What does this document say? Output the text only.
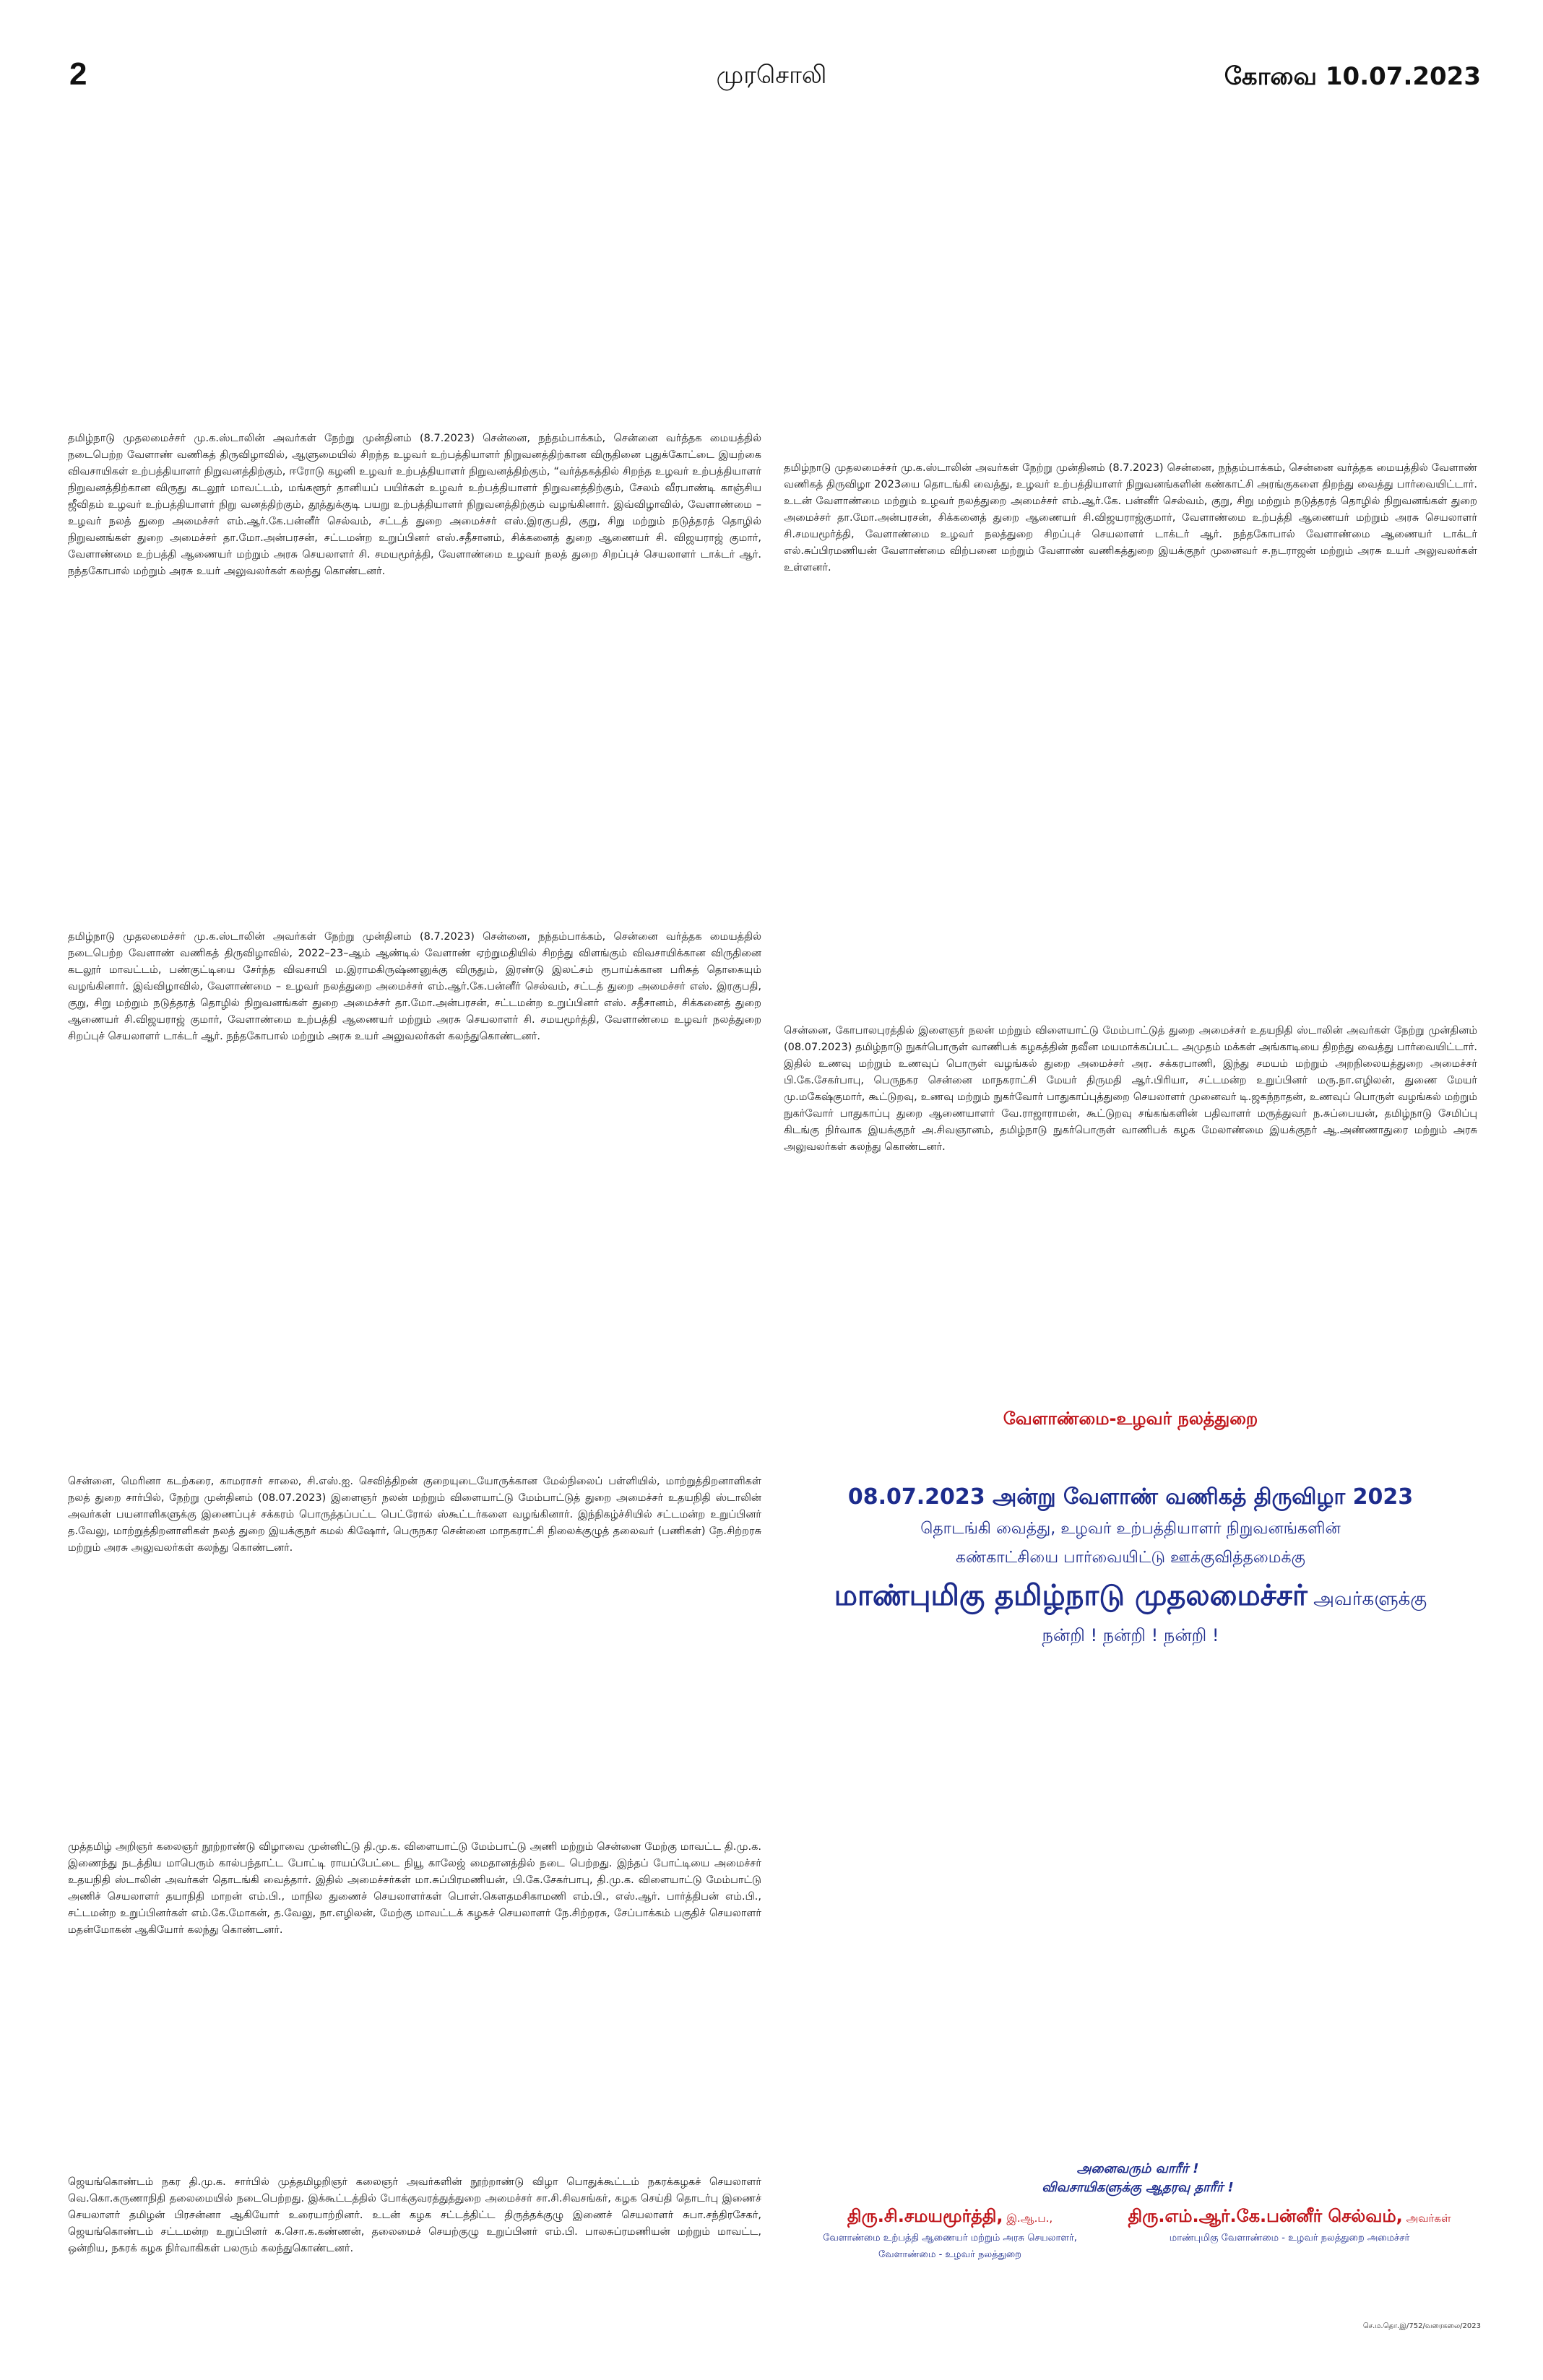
2	முரசொலி	கோவை 10.07.2023
தமிழ்நாடு முதலமைச்சர் மு.க.ஸ்டாலின் அவர்கள் நேற்று முன்தினம் (8.7.2023) சென்னை, நந்தம்பாக்கம், சென்னை வர்த்தக மையத்தில் நடைபெற்ற வேளாண் வணிகத் திருவிழாவில், ஆளுமையில் சிறந்த உழவர் உற்பத்தியாளர் நிறுவனத்திற்கான விருதினை புதுக்கோட்டை இயற்கை விவசாயிகள் உற்பத்தியாளர் நிறுவனத்திற்கும், ஈரோடு கழனி உழவர் உற்பத்தியாளர் நிறுவனத்திற்கும், “வர்த்தகத்தில் சிறந்த உழவர் உற்பத்தியாளர் நிறுவனத்திற்கான விருது கடலூர் மாவட்டம், மங்களூர் தானியப் பயிர்கள் உழவர் உற்பத்தியாளர் நிறுவனத்திற்கும், சேலம் வீரபாண்டி காஞ்சிய ஜீவிதம் உழவர் உற்பத்தியாளர் நிறு வனத்திற்கும், தூத்துக்குடி பயறு உற்பத்தியாளர் நிறுவனத்திற்கும் வழங்கினார். இவ்விழாவில், வேளாண்மை – உழவர் நலத் துறை அமைச்சர் எம்.ஆர்.கே.பன்னீர் செல்வம், சட்டத் துறை அமைச்சர் எஸ்.இரகுபதி, குறு, சிறு மற்றும் நடுத்தரத் தொழில் நிறுவனங்கள் துறை அமைச்சர் தா.மோ.அன்பரசன், சட்டமன்ற உறுப்பினர் எஸ்.சதீசானம், சிக்கனைத் துறை ஆணையர் சி. விஜயராஜ் குமார், வேளாண்மை உற்பத்தி ஆணையர் மற்றும் அரசு செயலாளர் சி. சமயமூர்த்தி, வேளாண்மை உழவர் நலத் துறை சிறப்புச் செயலாளர் டாக்டர் ஆர். நந்தகோபால் மற்றும் அரசு உயர் அலுவலர்கள் கலந்து கொண்டனர்.
தமிழ்நாடு முதலமைச்சர் மு.க.ஸ்டாலின் அவர்கள் நேற்று முன்தினம் (8.7.2023) சென்னை, நந்தம்பாக்கம், சென்னை வர்த்தக மையத்தில் வேளாண் வணிகத் திருவிழா 2023யை தொடங்கி வைத்து, உழவர் உற்பத்தியாளர் நிறுவனங்களின் கண்காட்சி அரங்குகளை திறந்து வைத்து பார்வையிட்டார். உடன் வேளாண்மை மற்றும் உழவர் நலத்துறை அமைச்சர் எம்.ஆர்.கே. பன்னீர் செல்வம், குறு, சிறு மற்றும் நடுத்தரத் தொழில் நிறுவனங்கள் துறை அமைச்சர் தா.மோ.அன்பரசன், சிக்கனைத் துறை ஆணையர் சி.விஜயராஜ்குமார், வேளாண்மை உற்பத்தி ஆணையர் மற்றும் அரசு செயலாளர் சி.சமயமூர்த்தி, வேளாண்மை உழவர் நலத்துறை சிறப்புச் செயலாளர் டாக்டர் ஆர். நந்தகோபால் வேளாண்மை ஆணையர் டாக்டர் எல்.சுப்பிரமணியன் வேளாண்மை விற்பனை மற்றும் வேளாண் வணிகத்துறை இயக்குநர் முனைவர் ச.நடராஜன் மற்றும் அரசு உயர் அலுவலர்கள் உள்ளனர்.
தமிழ்நாடு முதலமைச்சர் மு.க.ஸ்டாலின் அவர்கள் நேற்று முன்தினம் (8.7.2023) சென்னை, நந்தம்பாக்கம், சென்னை வர்த்தக மையத்தில் நடைபெற்ற வேளாண் வணிகத் திருவிழாவில், 2022–23–ஆம் ஆண்டில் வேளாண் ஏற்றுமதியில் சிறந்து விளங்கும் விவசாயிக்கான விருதினை கடலூர் மாவட்டம், பண்குட்டியை சேர்ந்த விவசாயி ம.இராமகிருஷ்ணனுக்கு விருதும், இரண்டு இலட்சம் ரூபாய்க்கான பரிசுத் தொகையும் வழங்கினார். இவ்விழாவில், வேளாண்மை – உழவர் நலத்துறை அமைச்சர் எம்.ஆர்.கே.பன்னீர் செல்வம், சட்டத் துறை அமைச்சர் எஸ். இரகுபதி, குறு, சிறு மற்றும் நடுத்தரத் தொழில் நிறுவனங்கள் துறை அமைச்சர் தா.மோ.அன்பரசன், சட்டமன்ற உறுப்பினர் எஸ். சதீசானம், சிக்கனைத் துறை ஆணையர் சி.விஜயராஜ் குமார், வேளாண்மை உற்பத்தி ஆணையர் மற்றும் அரசு செயலாளர் சி. சமயமூர்த்தி, வேளாண்மை உழவர் நலத்துறை சிறப்புச் செயலாளர் டாக்டர் ஆர். நந்தகோபால் மற்றும் அரசு உயர் அலுவலர்கள் கலந்துகொண்டனர்.	சென்னை, கோபாலபுரத்தில் இளைஞர் நலன் மற்றும் விளையாட்டு மேம்பாட்டுத் துறை அமைச்சர் உதயநிதி ஸ்டாலின் அவர்கள் நேற்று முன்தினம் (08.07.2023) தமிழ்நாடு நுகர்பொருள் வாணிபக் கழகத்தின் நவீன மயமாக்கப்பட்ட அமுதம் மக்கள் அங்காடியை திறந்து வைத்து பார்வையிட்டார். இதில் உணவு மற்றும் உணவுப் பொருள் வழங்கல் துறை அமைச்சர் அர. சக்கரபாணி, இந்து சமயம் மற்றும் அறநிலையத்துறை அமைச்சர் பி.கே.சேகர்பாபு, பெருநகர சென்னை மாநகராட்சி மேயர் திருமதி ஆர்.பிரியா, சட்டமன்ற உறுப்பினர் மரு.நா.எழிலன், துணை மேயர் மு.மகேஷ்குமார், கூட்டுறவு, உணவு மற்றும் நுகர்வோர் பாதுகாப்புத்துறை செயலாளர் முனைவர் டி.ஜகந்நாதன், உணவுப் பொருள் வழங்கல் மற்றும் நுகர்வோர் பாதுகாப்பு துறை ஆணையாளர் வே.ராஜாராமன், கூட்டுறவு சங்கங்களின் பதிவாளர் மருத்துவர் ந.சுப்பையன், தமிழ்நாடு சேமிப்பு கிடங்கு நிர்வாக இயக்குநர் அ.சிவஞானம், தமிழ்நாடு நுகர்பொருள் வாணிபக் கழக மேலாண்மை இயக்குநர் ஆ.அண்ணாதுரை மற்றும் அரசு அலுவலர்கள் கலந்து கொண்டனர்.
சென்னை, மெரினா கடற்கரை, காமராசர் சாலை, சி.எஸ்.ஐ. செவித்திறன் குறையுடையோருக்கான மேல்நிலைப் பள்ளியில், மாற்றுத்திறனாளிகள் நலத் துறை சார்பில், நேற்று முன்தினம் (08.07.2023) இளைஞர் நலன் மற்றும் விளையாட்டு மேம்பாட்டுத் துறை அமைச்சர் உதயநிதி ஸ்டாலின் அவர்கள் பயனாளிகளுக்கு இணைப்புச் சக்கரம் பொருத்தப்பட்ட பெட்ரோல் ஸ்கூட்டர்களை வழங்கினார். இந்நிகழ்ச்சியில் சட்டமன்ற உறுப்பினர் த.வேலு, மாற்றுத்திறனாளிகள் நலத் துறை இயக்குநர் கமல் கிஷோர், பெருநகர சென்னை மாநகராட்சி நிலைக்குழுத் தலைவர் (பணிகள்) நே.சிற்றரசு மற்றும் அரசு அலுவலர்கள் கலந்து கொண்டனர்.
முத்தமிழ் அறிஞர் கலைஞர் நூற்றாண்டு விழாவை முன்னிட்டு தி.மு.க. விளையாட்டு மேம்பாட்டு அணி மற்றும் சென்னை மேற்கு மாவட்ட தி.மு.க. இணைந்து நடத்திய மாபெரும் கால்பந்தாட்ட போட்டி ராயப்பேட்டை நியூ காலேஜ் மைதானத்தில் நடை பெற்றது. இந்தப் போட்டியை அமைச்சர் உதயநிதி ஸ்டாலின் அவர்கள் தொடங்கி வைத்தார். இதில் அமைச்சர்கள் மா.சுப்பிரமணியன், பி.கே.சேகர்பாபு, தி.மு.க. விளையாட்டு மேம்பாட்டு அணிச் செயலாளர் தயாநிதி மாறன் எம்.பி., மாநில துணைச் செயலாளர்கள் பொள்.கௌதமசிகாமணி எம்.பி., எஸ்.ஆர். பார்த்திபன் எம்.பி., சட்டமன்ற உறுப்பினர்கள் எம்.கே.மோகன், த.வேலு, நா.எழிலன், மேற்கு மாவட்டக் கழகச் செயலாளர் நே.சிற்றரசு, சேப்பாக்கம் பகுதிச் செயலாளர் மதன்மோகன் ஆகியோர் கலந்து கொண்டனர்.
ஜெயங்கொண்டம் நகர தி.மு.க. சார்பில் முத்தமிழறிஞர் கலைஞர் அவர்களின் நூற்றாண்டு விழா பொதுக்கூட்டம் நகரக்கழகச் செயலாளர் வெ.கொ.கருணாநிதி தலைமையில் நடைபெற்றது. இக்கூட்டத்தில் போக்குவரத்துத்துறை அமைச்சர் சா.சி.சிவசங்கர், கழக செய்தி தொடர்பு இணைச் செயலாளர் தமிழன் பிரசன்னா ஆகியோர் உரையாற்றினர். உடன் கழக சட்டத்திட்ட திருத்தக்குழு இணைச் செயலாளர் சுபா.சந்திரசேகர், ஜெயங்கொண்டம் சட்டமன்ற உறுப்பினர் க.சொ.க.கண்ணன், தலைமைச் செயற்குழு உறுப்பினர் எம்.பி. பாலசுப்ரமணியன் மற்றும் மாவட்ட, ஒன்றிய, நகரக் கழக நிர்வாகிகள் பலரும் கலந்துகொண்டனர்.
வேளாண்மை-உழவர் நலத்துறை
08.07.2023 அன்று வேளாண் வணிகத் திருவிழா 2023
தொடங்கி வைத்து, உழவர் உற்பத்தியாளர் நிறுவனங்களின்
கண்காட்சியை பார்வையிட்டு ஊக்குவித்தமைக்கு
மாண்புமிகு தமிழ்நாடு முதலமைச்சர் அவர்களுக்கு
நன்றி ! நன்றி ! நன்றி !
அனைவரும் வாரீர் !
விவசாயிகளுக்கு ஆதரவு தாரீர் !
திரு.சி.சமயமூர்த்தி, இ.ஆ.ப.,
வேளாண்மை உற்பத்தி ஆணையர் மற்றும் அரசு செயலாளர்,
வேளாண்மை - உழவர் நலத்துறை
திரு.எம்.ஆர்.கே.பன்னீர் செல்வம், அவர்கள்
மாண்புமிகு வேளாண்மை - உழவர் நலத்துறை அமைச்சர்
செ.ம.தொ.இ/752/வரைகலை/2023
